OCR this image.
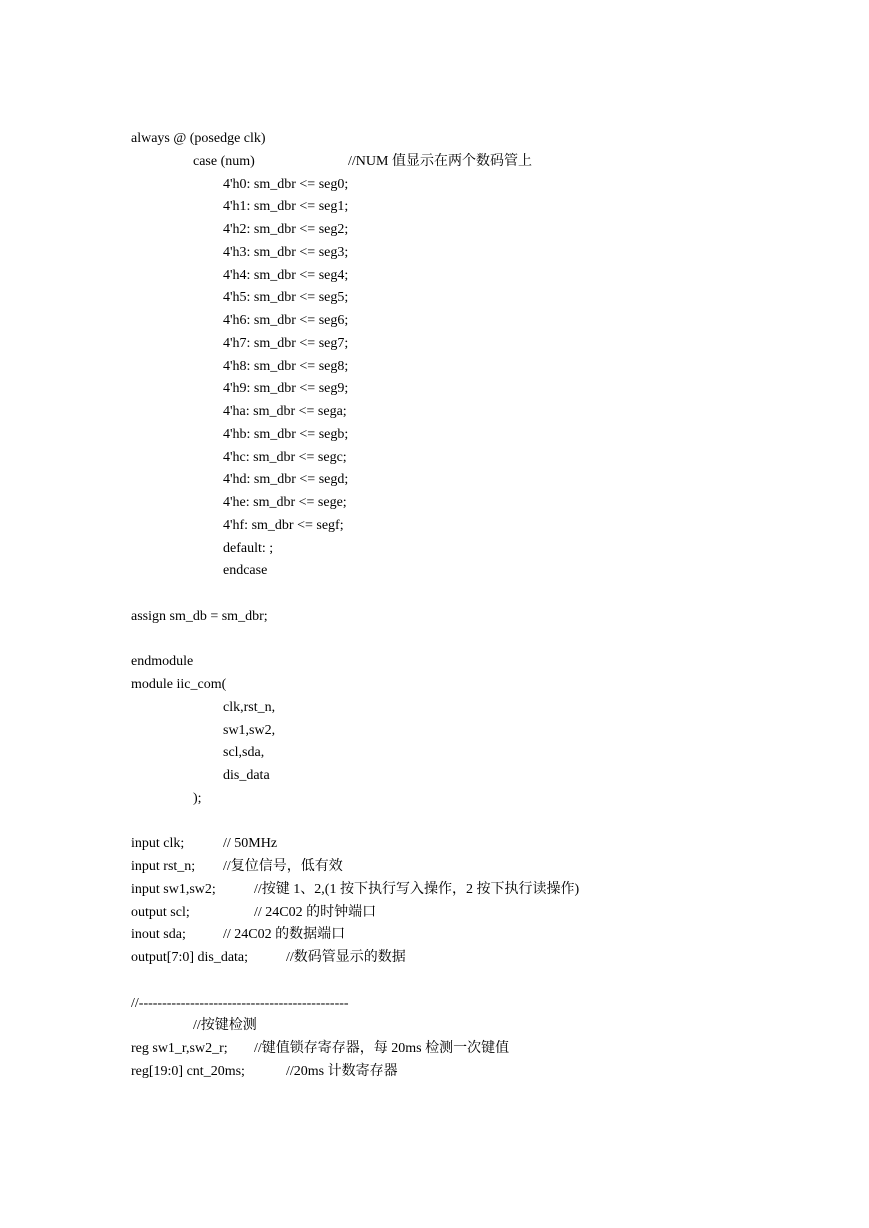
always @ (posedge clk)
case (num)	//NUM 值显示在两个数码管上
4'h0: sm_dbr <= seg0;
4'h1: sm_dbr <= seg1;
4'h2: sm_dbr <= seg2;
4'h3: sm_dbr <= seg3;
4'h4: sm_dbr <= seg4;
4'h5: sm_dbr <= seg5;
4'h6: sm_dbr <= seg6;
4'h7: sm_dbr <= seg7;
4'h8: sm_dbr <= seg8;
4'h9: sm_dbr <= seg9;
4'ha: sm_dbr <= sega;
4'hb: sm_dbr <= segb;
4'hc: sm_dbr <= segc;
4'hd: sm_dbr <= segd;
4'he: sm_dbr <= sege;
4'hf: sm_dbr <= segf;
default: ;
endcase
assign sm_db = sm_dbr;
endmodule
module iic_com(
clk,rst_n,
sw1,sw2,
scl,sda,
dis_data
);
input clk;	// 50MHz
input rst_n; //复位信号，低有效
input sw1,sw2;	//按键 1、2,(1 按下执行写入操作，2 按下执行读操作)
output scl;	// 24C02 的时钟端口
inout sda;	// 24C02 的数据端口
output[7:0] dis_data;	//数码管显示的数据
//---------------------------------------------
//按键检测
reg sw1_r,sw2_r; //键值锁存寄存器，每 20ms 检测一次键值
reg[19:0] cnt_20ms;	//20ms 计数寄存器
